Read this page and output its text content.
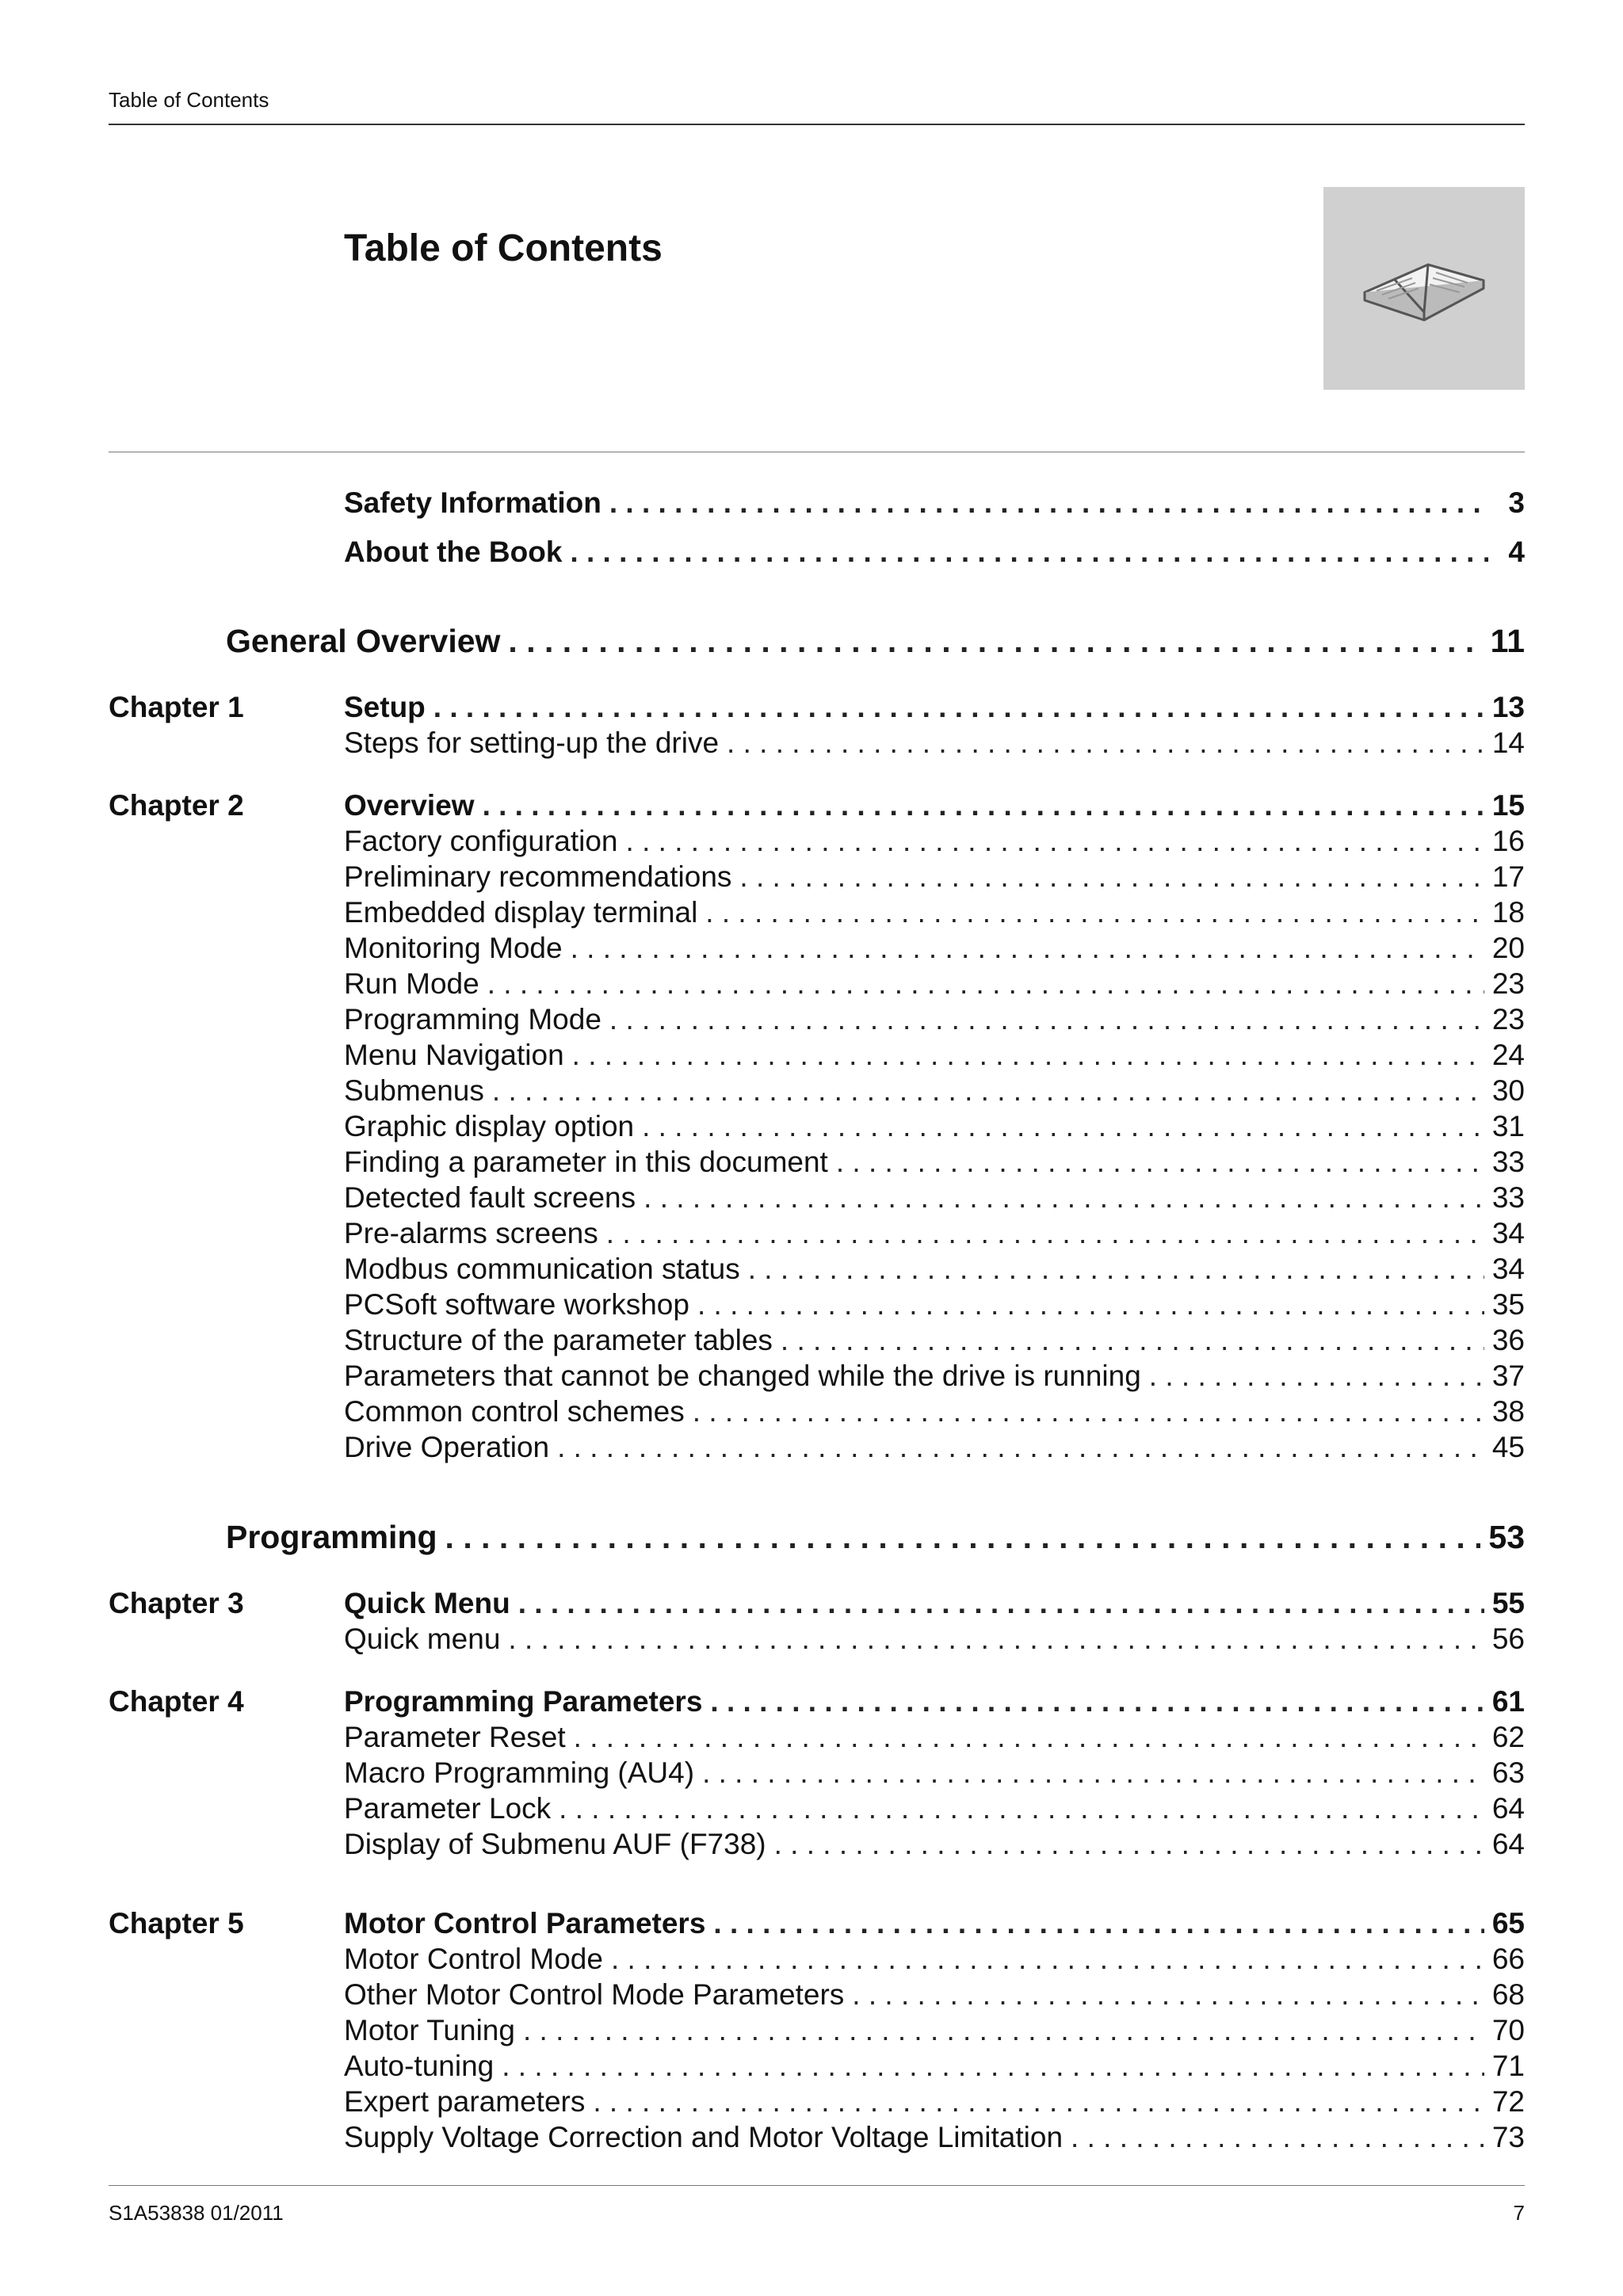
Table of Contents
Table of Contents
Safety Information . . .	3
About the Book . . .	4
General Overview . . .	11
Chapter 1	Setup . . .	13
Steps for setting-up the drive . . .	14
Chapter 2	Overview . . .	15
Factory configuration . . .	16
Preliminary recommendations . . .	17
Embedded display terminal . . .	18
Monitoring Mode . . .	20
Run Mode . . .	23
Programming Mode . . .	23
Menu Navigation . . .	24
Submenus . . .	30
Graphic display option . . .	31
Finding a parameter in this document . . .	33
Detected fault screens . . .	33
Pre-alarms screens . . .	34
Modbus communication status . . .	34
PCSoft software workshop . . .	35
Structure of the parameter tables . . .	36
Parameters that cannot be changed while the drive is running . . .	37
Common control schemes . . .	38
Drive Operation . . .	45
Programming . . .	53
Chapter 3	Quick Menu . . .	55
Quick menu . . .	56
Chapter 4	Programming Parameters . . .	61
Parameter Reset . . .	62
Macro Programming (AU4) . . .	63
Parameter Lock . . .	64
Display of Submenu AUF (F738) . . .	64
Chapter 5	Motor Control Parameters . . .	65
Motor Control Mode . . .	66
Other Motor Control Mode Parameters . . .	68
Motor Tuning . . .	70
Auto-tuning . . .	71
Expert parameters . . .	72
Supply Voltage Correction and Motor Voltage Limitation . . .	73
S1A53838 01/2011	7
